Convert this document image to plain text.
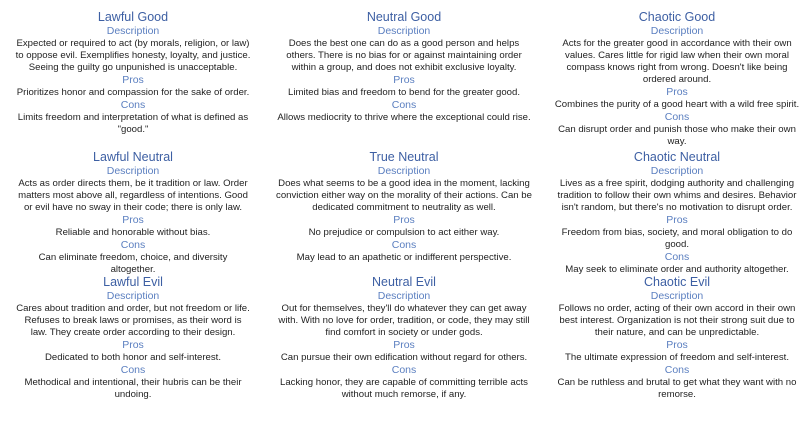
Lawful Good

Description

Expected or required to act (by morals, religion, or law) to oppose evil. Exemplifies honesty, loyalty, and justice. Seeing the guilty go unpunished is unacceptable.

Pros

Prioritizes honor and compassion for the sake of order.

Cons

Limits freedom and interpretation of what is defined as "good."

Neutral Good

Description

Does the best one can do as a good person and helps others. There is no bias for or against maintaining order within a group, and does not exhibit exclusive loyalty.

Pros

Limited bias and freedom to bend for the greater good.

Cons

Allows mediocrity to thrive where the exceptional could rise.

Chaotic Good

Description

Acts for the greater good in accordance with their own values. Cares little for rigid law when their own moral compass knows right from wrong. Doesn't like being ordered around.

Pros

Combines the purity of a good heart with a wild free spirit.

Cons

Can disrupt order and punish those who make their own way.

Lawful Neutral

Description

Acts as order directs them, be it tradition or law. Order matters most above all, regardless of intentions. Good or evil have no sway in their code; there is only law.

Pros

Reliable and honorable without bias.

Cons

Can eliminate freedom, choice, and diversity altogether.

True Neutral

Description

Does what seems to be a good idea in the moment, lacking conviction either way on the morality of their actions. Can be dedicated commitment to neutrality as well.

Pros

No prejudice or compulsion to act either way.

Cons

May lead to an apathetic or indifferent perspective.

Chaotic Neutral

Description

Lives as a free spirit, dodging authority and challenging tradition to follow their own whims and desires. Behavior isn't random, but there's no motivation to disrupt order.

Pros

Freedom from bias, society, and moral obligation to do good.

Cons

May seek to eliminate order and authority altogether.

Lawful Evil

Description

Cares about tradition and order, but not freedom or life. Refuses to break laws or promises, as their word is law. They create order according to their design.

Pros

Dedicated to both honor and self-interest.

Cons

Methodical and intentional, their hubris can be their undoing.

Neutral Evil

Description

Out for themselves, they'll do whatever they can get away with. With no love for order, tradition, or code, they may still find comfort in society or under gods.

Pros

Can pursue their own edification without regard for others.

Cons

Lacking honor, they are capable of committing terrible acts without much remorse, if any.

Chaotic Evil

Description

Follows no order, acting of their own accord in their own best interest. Organization is not their strong suit due to their nature, and can be unpredictable.

Pros

The ultimate expression of freedom and self-interest.

Cons

Can be ruthless and brutal to get what they want with no remorse.
